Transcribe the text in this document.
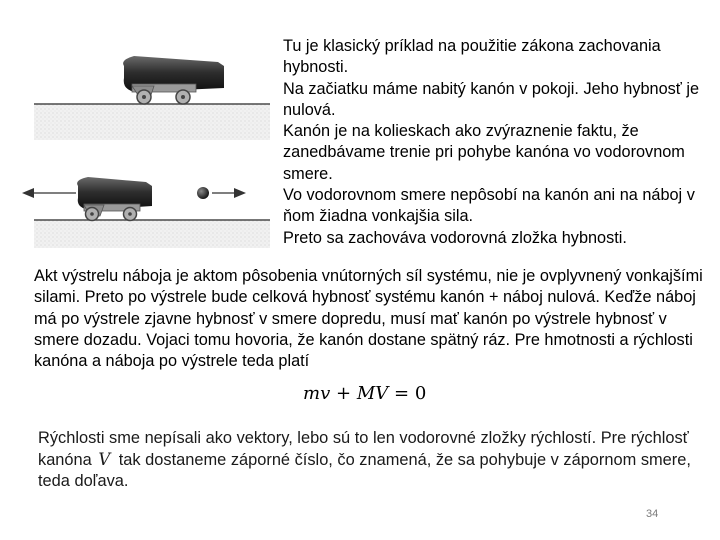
Tu je klasický príklad na použitie zákona zachovania hybnosti.

Na začiatku máme nabitý kanón v pokoji. Jeho hybnosť je nulová.

Kanón je na kolieskach ako zvýraznenie faktu, že zanedbávame trenie pri pohybe kanóna vo vodorovnom smere.

Vo vodorovnom smere nepôsobí na kanón ani na náboj v ňom žiadna vonkajšia sila.

Preto sa zachováva vodorovná zložka hybnosti.

Akt výstrelu náboja je aktom pôsobenia vnútorných síl systému, nie je ovplyvnený vonkajšími silami. Preto po výstrele bude celková hybnosť systému kanón + náboj nulová. Keďže náboj má po výstrele zjavne hybnosť v smere dopredu, musí mať kanón po výstrele hybnosť v smere dozadu. Vojaci tomu hovoria, že kanón dostane spätný ráz. Pre hmotnosti a rýchlosti kanóna a náboja po výstrele teda platí

mv + MV = 0

Rýchlosti sme nepísali ako vektory, lebo sú to len vodorovné zložky rýchlostí. Pre rýchlosť kanóna V tak dostaneme záporné číslo, čo znamená, že sa pohybuje v zápornom smere, teda doľava.

34
